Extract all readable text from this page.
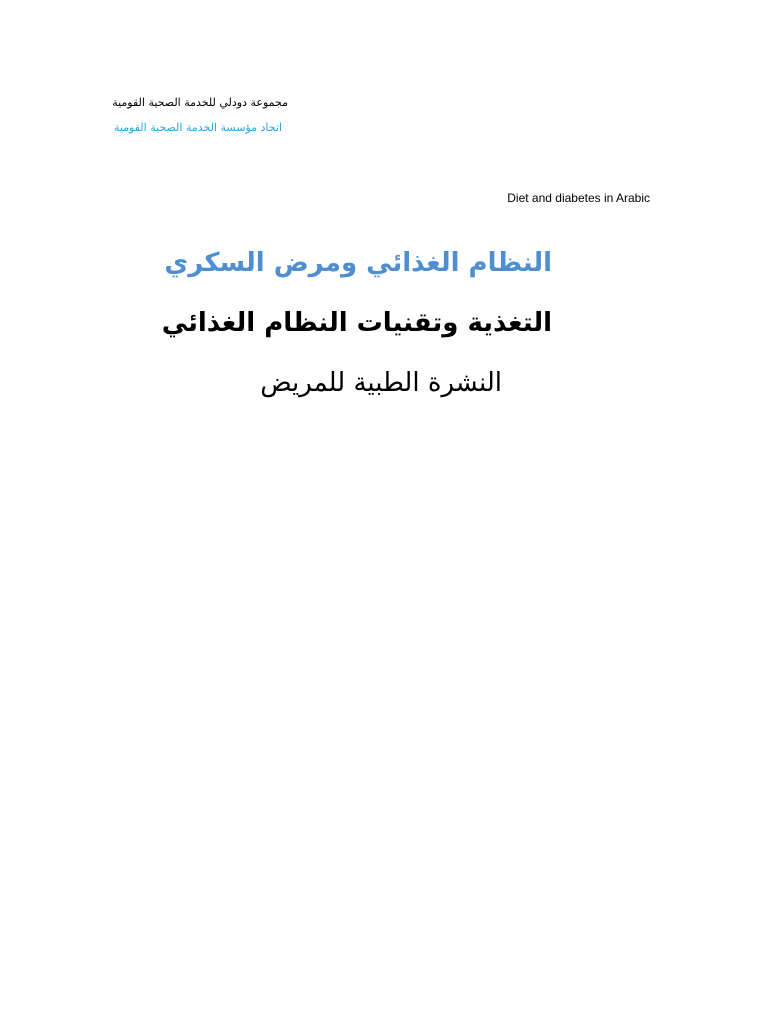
مجموعة دودلي للخدمة الصحية القومية
اتحاد مؤسسة الخدمة الصحية القومية
Diet and diabetes in Arabic
النظام الغذائي ومرض السكري
التغذية وتقنيات النظام الغذائي
النشرة الطبية للمريض
